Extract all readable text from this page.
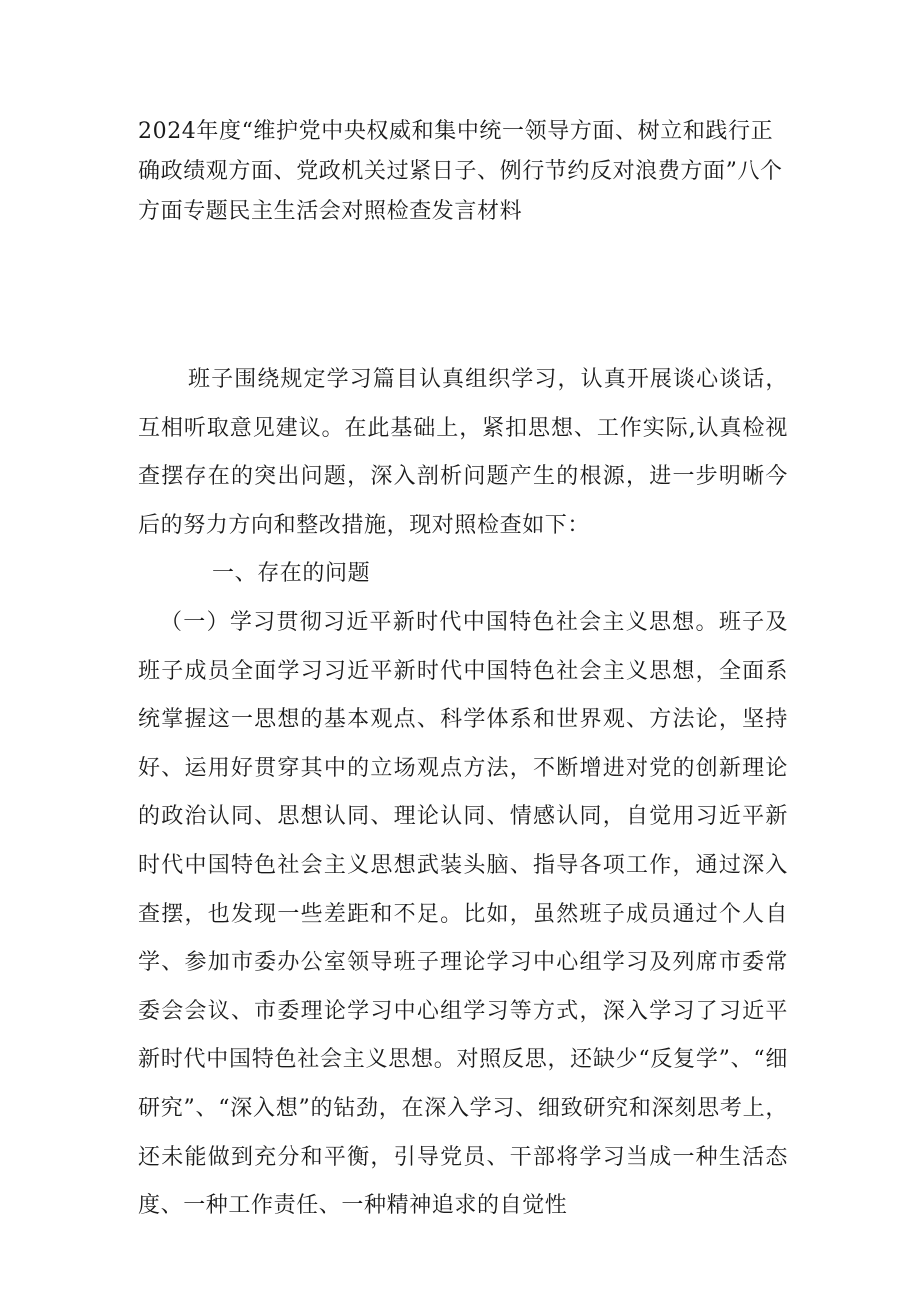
2024年度“维护党中央权威和集中统一领导方面、树立和践行正确政绩观方面、党政机关过紧日子、例行节约反对浪费方面”八个方面专题民主生活会对照检查发言材料

班子围绕规定学习篇目认真组织学习，认真开展谈心谈话，互相听取意见建议。在此基础上，紧扣思想、工作实际,认真检视查摆存在的突出问题，深入剖析问题产生的根源，进一步明晰今后的努力方向和整改措施，现对照检查如下：

一、存在的问题

（一）学习贯彻习近平新时代中国特色社会主义思想。班子及班子成员全面学习习近平新时代中国特色社会主义思想，全面系统掌握这一思想的基本观点、科学体系和世界观、方法论，坚持好、运用好贯穿其中的立场观点方法，不断增进对党的创新理论的政治认同、思想认同、理论认同、情感认同，自觉用习近平新时代中国特色社会主义思想武装头脑、指导各项工作，通过深入查摆，也发现一些差距和不足。比如，虽然班子成员通过个人自学、参加市委办公室领导班子理论学习中心组学习及列席市委常委会会议、市委理论学习中心组学习等方式，深入学习了习近平新时代中国特色社会主义思想。对照反思，还缺少“反复学”、“细研究”、“深入想”的钻劲，在深入学习、细致研究和深刻思考上，还未能做到充分和平衡，引导党员、干部将学习当成一种生活态度、一种工作责任、一种精神追求的自觉性
